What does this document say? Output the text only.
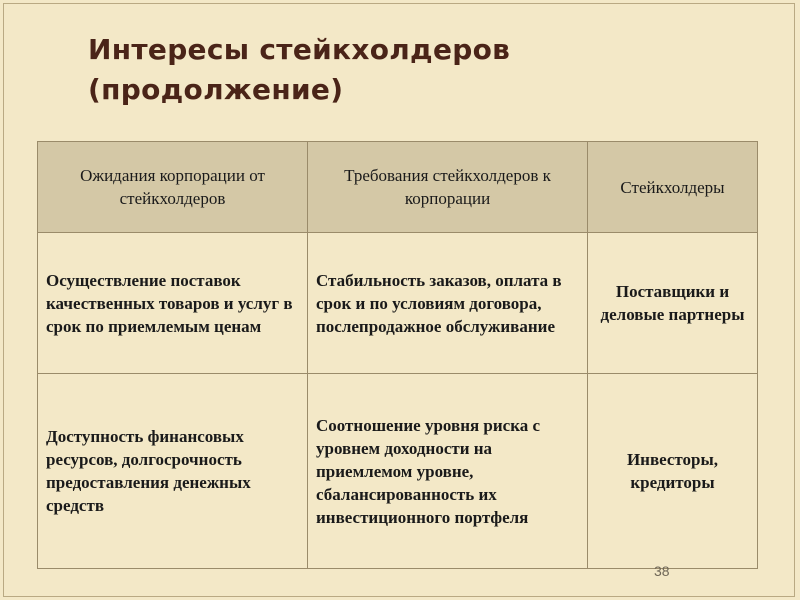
Интересы стейкхолдеров
(продолжение)
Ожидания корпорации от стейкхолдеров	Требования стейкхолдеров к корпорации	Стейкхолдеры
Осуществление поставок качественных товаров и услуг в срок по приемлемым ценам	Стабильность заказов, оплата в срок и по условиям договора, послепродажное обслуживание	Поставщики и деловые партнеры
Доступность финансовых ресурсов, долгосрочность предоставления денежных средств	Соотношение уровня риска с уровнем доходности на приемлемом уровне, сбалансированность их инвестиционного портфеля	Инвесторы, кредиторы
38
